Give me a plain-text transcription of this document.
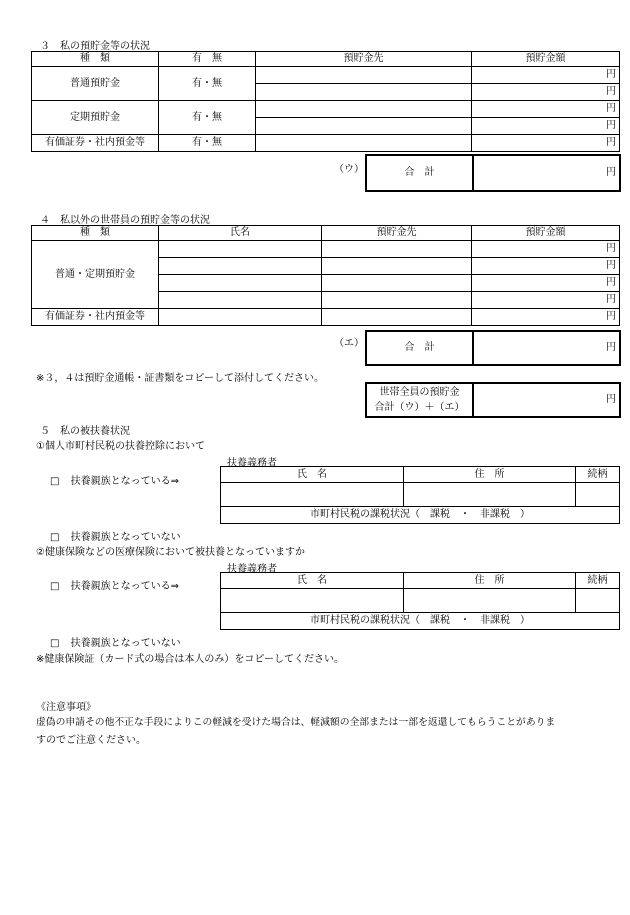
３　私の預貯金等の状況
種　類	有　無	預貯金先	預貯金額
普通預貯金	有・無		円
			円
定期預貯金	有・無		円
			円
有価証券・社内預金等	有・無		円
（ウ）	合　計	円
４　私以外の世帯員の預貯金等の状況
種　類	氏名	預貯金先	預貯金額
普通・定期預貯金			円
			円
			円
			円
有価証券・社内預金等			円
（エ）	合　計	円
※３，４は預貯金通帳・証書類をコピーして添付してください。
世帯全員の預貯金
合計（ウ）＋（エ）
	円
５　私の被扶養状況
①個人市町村民税の扶養控除において
扶養義務者
□ 扶養親族となっている⇒
氏　名	住　所	続柄

市町村民税の課税状況（　課税　・　非課税　）		
□ 扶養親族となっていない
②健康保険などの医療保険において被扶養となっていますか
扶養義務者
□ 扶養親族となっている⇒
氏　名	住　所	続柄

市町村民税の課税状況（　課税　・　非課税　）		
□ 扶養親族となっていない
※健康保険証（カード式の場合は本人のみ）をコピーしてください。
《注意事項》
虚偽の申請その他不正な手段によりこの軽減を受けた場合は、軽減額の全部または一部を返還してもらうことがありま
すのでご注意ください。
